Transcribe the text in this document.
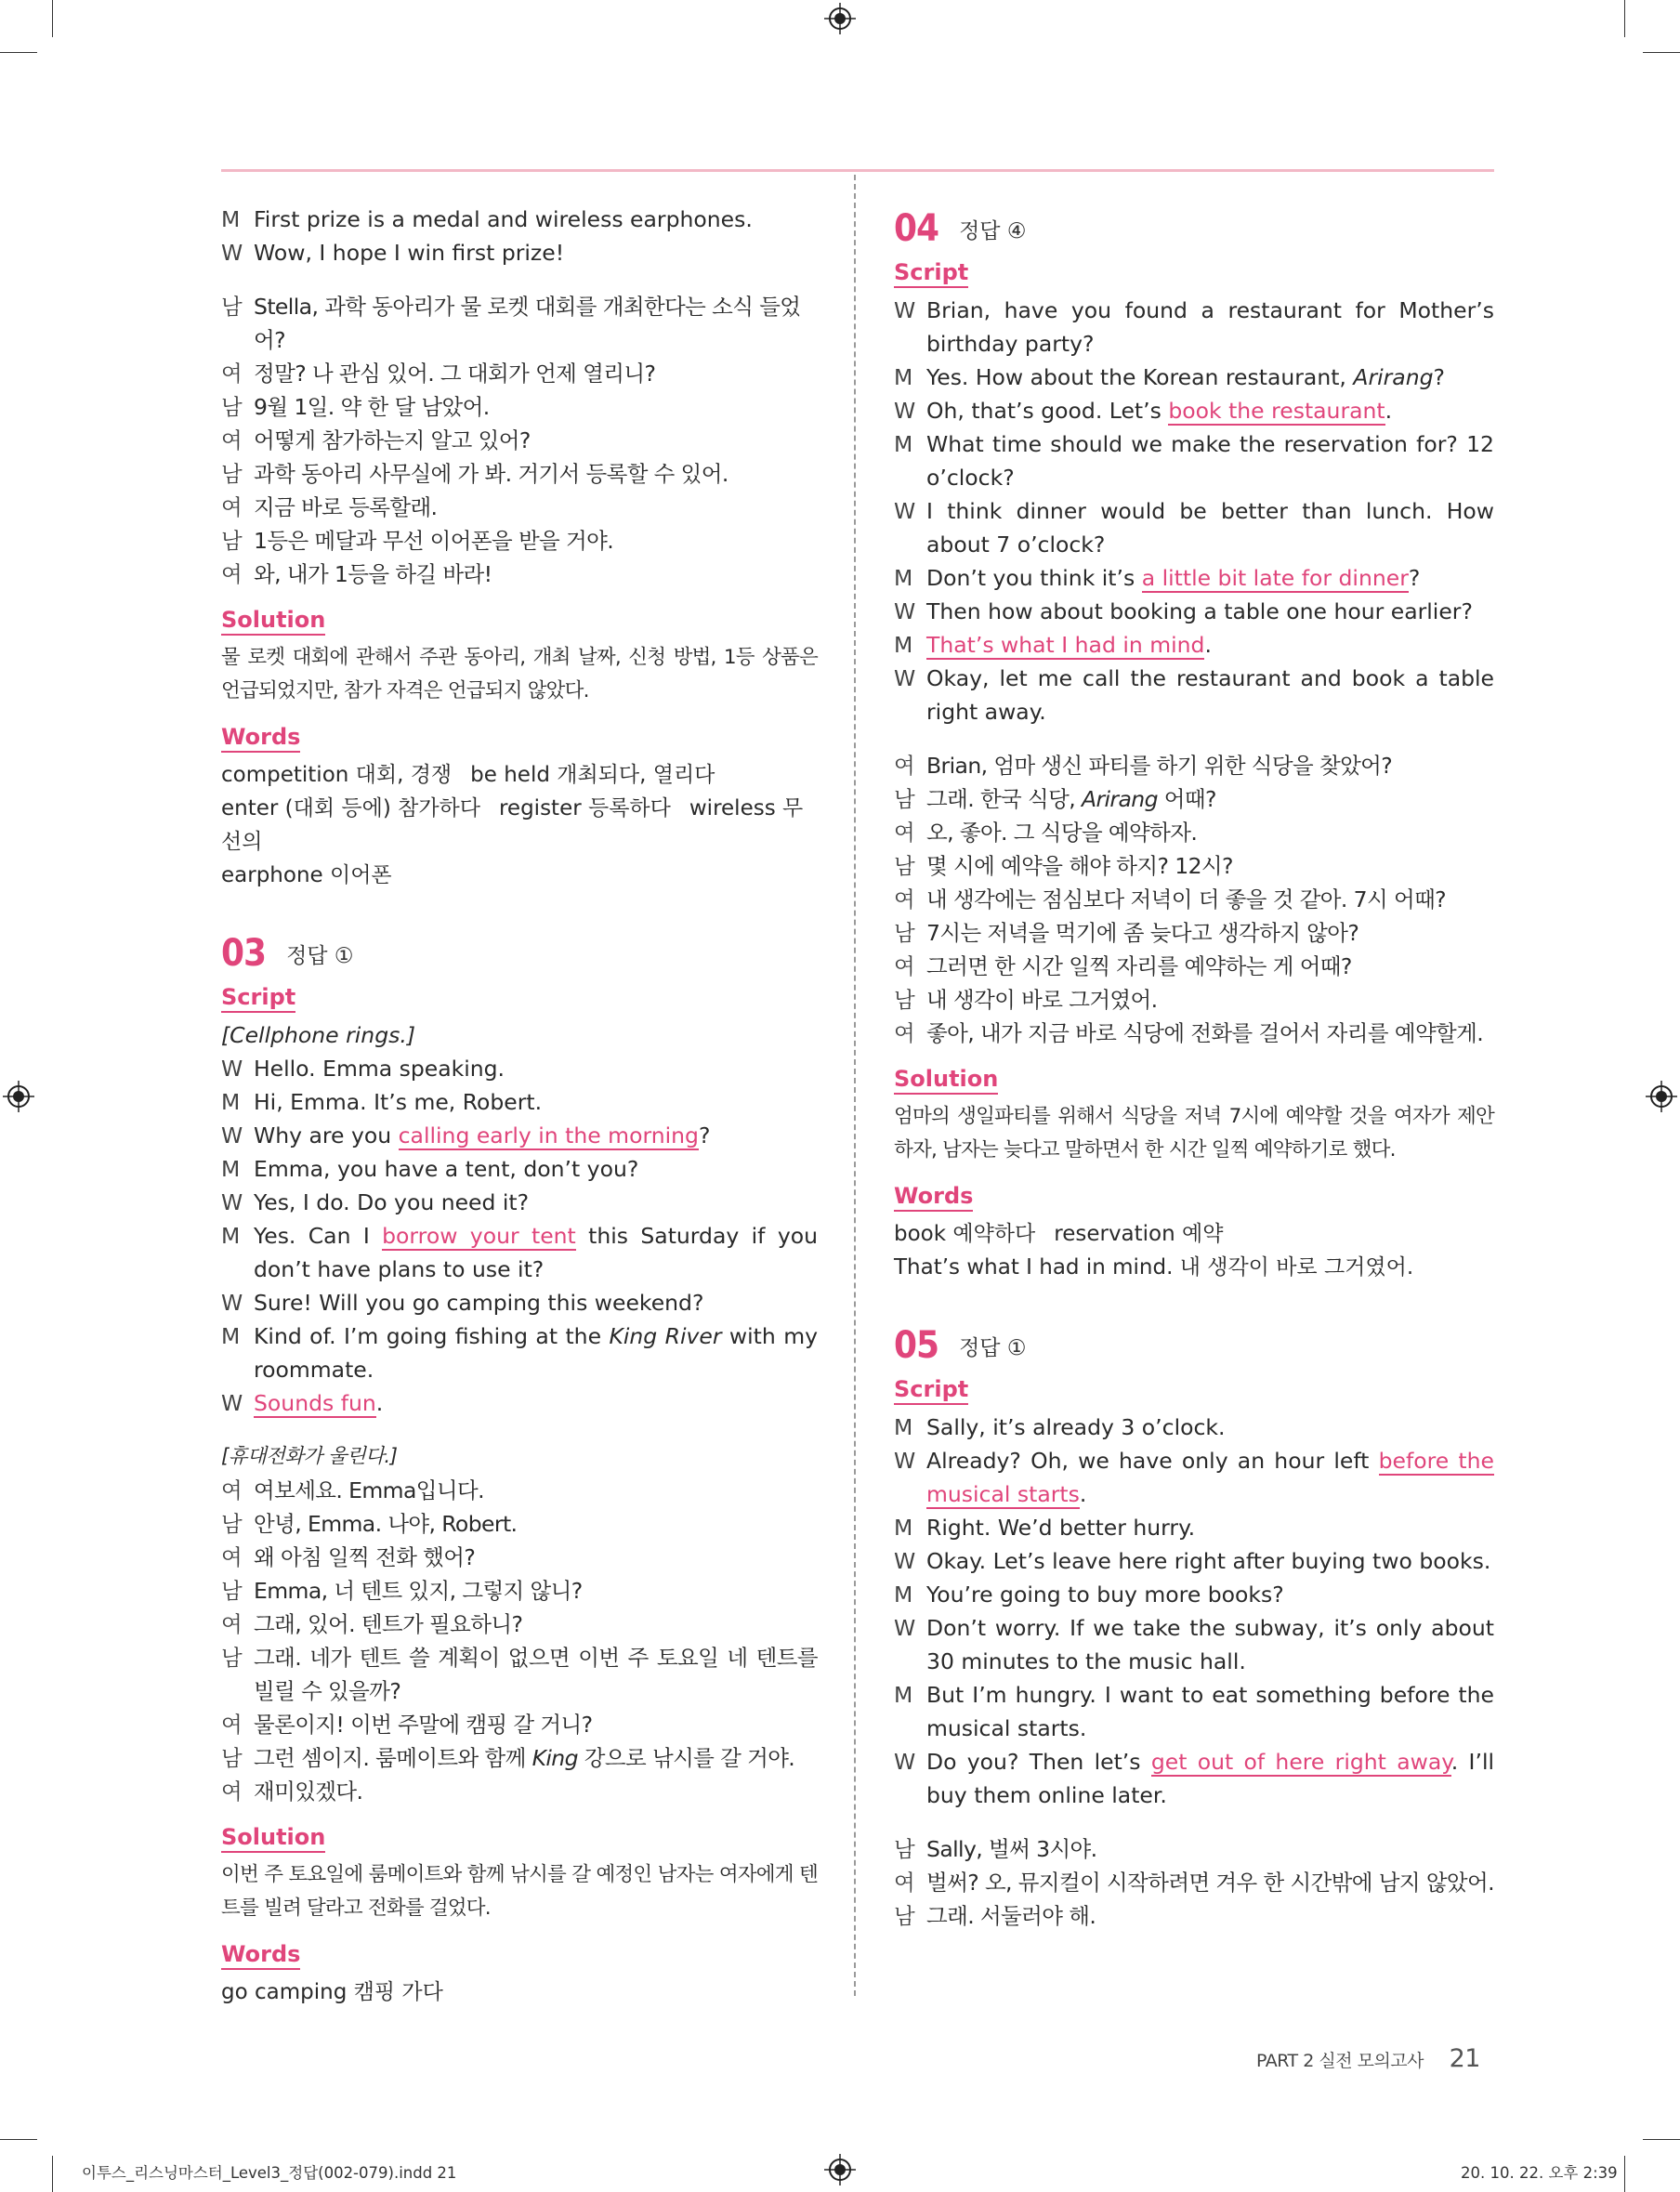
M First prize is a medal and wireless earphones.
W Wow, I hope I win first prize!
남 Stella, 과학 동아리가 물 로켓 대회를 개최한다는 소식 들었어?
여 정말? 나 관심 있어. 그 대회가 언제 열리니?
남 9월 1일. 약 한 달 남았어.
여 어떻게 참가하는지 알고 있어?
남 과학 동아리 사무실에 가 봐. 거기서 등록할 수 있어.
여 지금 바로 등록할래.
남 1등은 메달과 무선 이어폰을 받을 거야.
여 와, 내가 1등을 하길 바라!
Solution
물 로켓 대회에 관해서 주관 동아리, 개최 날짜, 신청 방법, 1등 상품은 언급되었지만, 참가 자격은 언급되지 않았다.
Words
competition 대회, 경쟁 be held 개최되다, 열리다
enter (대회 등에) 참가하다 register 등록하다 wireless 무선의
earphone 이어폰
03 정답 ①
Script
[Cellphone rings.]
W Hello. Emma speaking.
M Hi, Emma. It’s me, Robert.
W Why are you calling early in the morning?
M Emma, you have a tent, don’t you?
W Yes, I do. Do you need it?
M Yes. Can I borrow your tent this Saturday if you don’t have plans to use it?
W Sure! Will you go camping this weekend?
M Kind of. I’m going fishing at the King River with my roommate.
W Sounds fun.
[휴대전화가 울린다.]
여 여보세요. Emma입니다.
남 안녕, Emma. 나야, Robert.
여 왜 아침 일찍 전화 했어?
남 Emma, 너 텐트 있지, 그렇지 않니?
여 그래, 있어. 텐트가 필요하니?
남 그래. 네가 텐트 쓸 계획이 없으면 이번 주 토요일 네 텐트를 빌릴 수 있을까?
여 물론이지! 이번 주말에 캠핑 갈 거니?
남 그런 셈이지. 룸메이트와 함께 King 강으로 낚시를 갈 거야.
여 재미있겠다.
Solution
이번 주 토요일에 룸메이트와 함께 낚시를 갈 예정인 남자는 여자에게 텐트를 빌려 달라고 전화를 걸었다.
Words
go camping 캠핑 가다
04 정답 ④
Script
W Brian, have you found a restaurant for Mother’s birthday party?
M Yes. How about the Korean restaurant, Arirang?
W Oh, that’s good. Let’s book the restaurant.
M What time should we make the reservation for? 12 o’clock?
W I think dinner would be better than lunch. How about 7 o’clock?
M Don’t you think it’s a little bit late for dinner?
W Then how about booking a table one hour earlier?
M That’s what I had in mind.
W Okay, let me call the restaurant and book a table right away.
여 Brian, 엄마 생신 파티를 하기 위한 식당을 찾았어?
남 그래. 한국 식당, Arirang 어때?
여 오, 좋아. 그 식당을 예약하자.
남 몇 시에 예약을 해야 하지? 12시?
여 내 생각에는 점심보다 저녁이 더 좋을 것 같아. 7시 어때?
남 7시는 저녁을 먹기에 좀 늦다고 생각하지 않아?
여 그러면 한 시간 일찍 자리를 예약하는 게 어때?
남 내 생각이 바로 그거였어.
여 좋아, 내가 지금 바로 식당에 전화를 걸어서 자리를 예약할게.
Solution
엄마의 생일파티를 위해서 식당을 저녁 7시에 예약할 것을 여자가 제안하자, 남자는 늦다고 말하면서 한 시간 일찍 예약하기로 했다.
Words
book 예약하다 reservation 예약
That’s what I had in mind. 내 생각이 바로 그거였어.
05 정답 ①
Script
M Sally, it’s already 3 o’clock.
W Already? Oh, we have only an hour left before the musical starts.
M Right. We’d better hurry.
W Okay. Let’s leave here right after buying two books.
M You’re going to buy more books?
W Don’t worry. If we take the subway, it’s only about 30 minutes to the music hall.
M But I’m hungry. I want to eat something before the musical starts.
W Do you? Then let’s get out of here right away. I’ll buy them online later.
남 Sally, 벌써 3시야.
여 벌써? 오, 뮤지컬이 시작하려면 겨우 한 시간밖에 남지 않았어.
남 그래. 서둘러야 해.
PART 2 실전 모의고사 21
이투스_리스닝마스터_Level3_정답(002-079).indd 21	20. 10. 22. 오후 2:39
